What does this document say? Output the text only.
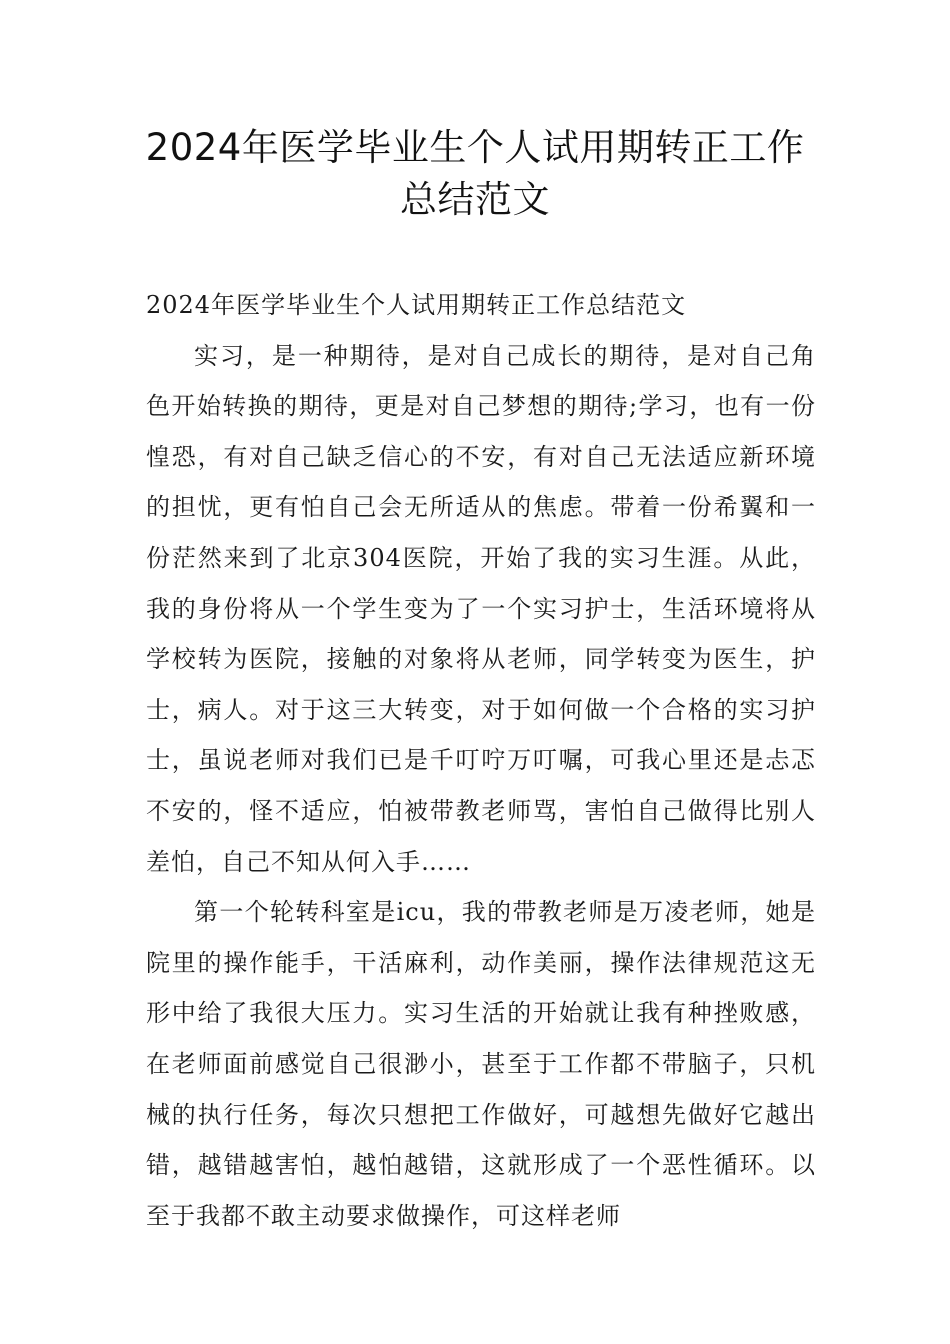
2024年医学毕业生个人试用期转正工作
总结范文

2024年医学毕业生个人试用期转正工作总结范文

实习，是一种期待，是对自己成长的期待，是对自己角色开始转换的期待，更是对自己梦想的期待;学习，也有一份惶恐，有对自己缺乏信心的不安，有对自己无法适应新环境的担忧，更有怕自己会无所适从的焦虑。带着一份希翼和一份茫然来到了北京304医院，开始了我的实习生涯。从此，我的身份将从一个学生变为了一个实习护士，生活环境将从学校转为医院，接触的对象将从老师，同学转变为医生，护士，病人。对于这三大转变，对于如何做一个合格的实习护士，虽说老师对我们已是千叮咛万叮嘱，可我心里还是忐忑不安的，怪不适应，怕被带教老师骂，害怕自己做得比别人差怕，自己不知从何入手……

第一个轮转科室是icu，我的带教老师是万凌老师，她是院里的操作能手，干活麻利，动作美丽，操作法律规范这无形中给了我很大压力。实习生活的开始就让我有种挫败感，在老师面前感觉自己很渺小，甚至于工作都不带脑子，只机械的执行任务，每次只想把工作做好，可越想先做好它越出错，越错越害怕，越怕越错，这就形成了一个恶性循环。以至于我都不敢主动要求做操作，可这样老师
